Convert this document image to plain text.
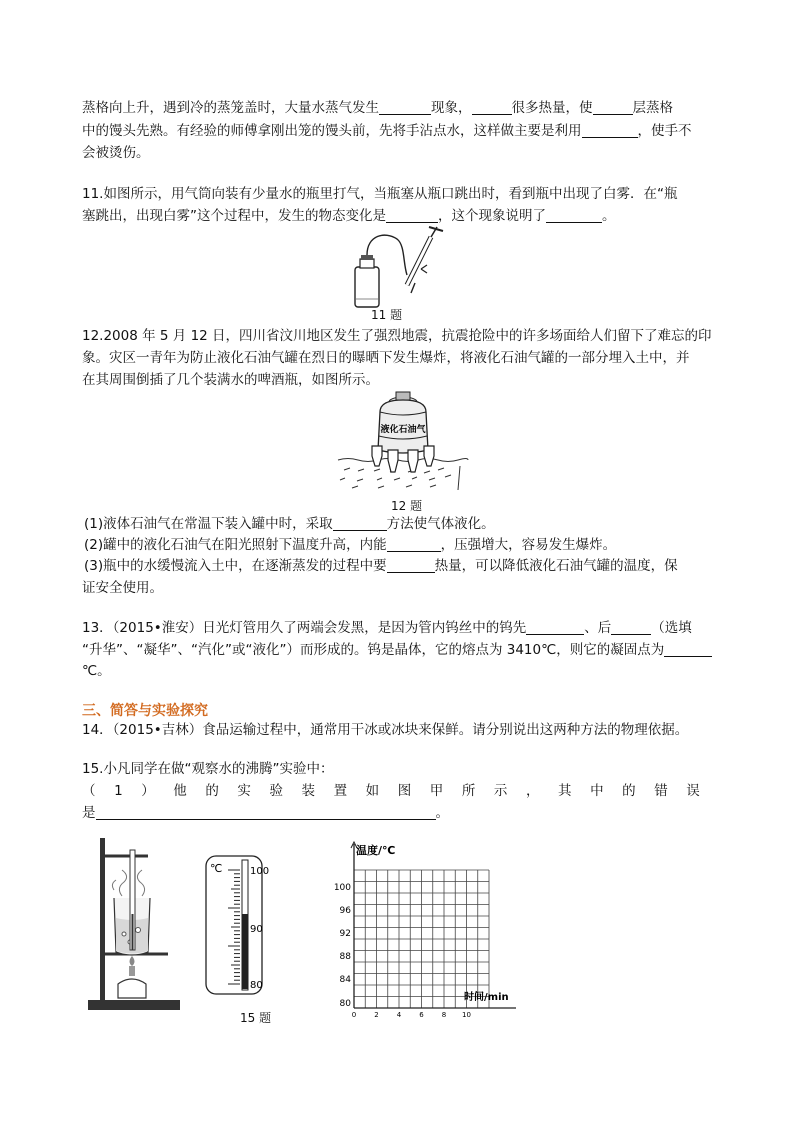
蒸格向上升，遇到冷的蒸笼盖时，大量水蒸气发生	现象，	很多热量，使	层蒸格
中的馒头先熟。有经验的师傅拿刚出笼的馒头前，先将手沾点水，这样做主要是利用	，使手不
会被烫伤。
11.如图所示，用气筒向装有少量水的瓶里打气，当瓶塞从瓶口跳出时，看到瓶中出现了白雾．在“瓶
塞跳出，出现白雾”这个过程中，发生的物态变化是	，这个现象说明了	。
11 题
12.2008 年 5 月 12 日，四川省汶川地区发生了强烈地震，抗震抢险中的许多场面给人们留下了难忘的印
象。灾区一青年为防止液化石油气罐在烈日的曝晒下发生爆炸，将液化石油气罐的一部分埋入土中，并
在其周围倒插了几个装满水的啤酒瓶，如图所示。
液化石油气
12 题
(1)液体石油气在常温下装入罐中时，采取	方法使气体液化。
(2)罐中的液化石油气在阳光照射下温度升高，内能	，压强增大，容易发生爆炸。
(3)瓶中的水缓慢流入土中，在逐渐蒸发的过程中要	热量，可以降低液化石油气罐的温度，保
证安全使用。
13．（2015•淮安）日光灯管用久了两端会发黑，是因为管内钨丝中的钨先	、后	（选填
“升华”、“凝华”、“汽化”或“液化”）而形成的。钨是晶体，它的熔点为 3410℃，则它的凝固点为
℃。
三、简答与实验探究
14．（2015•吉林）食品运输过程中，通常用干冰或冰块来保鲜。请分别说出这两种方法的物理依据。
15.小凡同学在做“观察水的沸腾”实验中：
（ 1 ） 他 的 实 验 装 置 如 图 甲 所 示 ， 其 中 的 错 误
是	。
℃	100
90
80
15 题
温度/℃
时间/min
100
96
92
88
84
80
0	2	4	6	8 10
